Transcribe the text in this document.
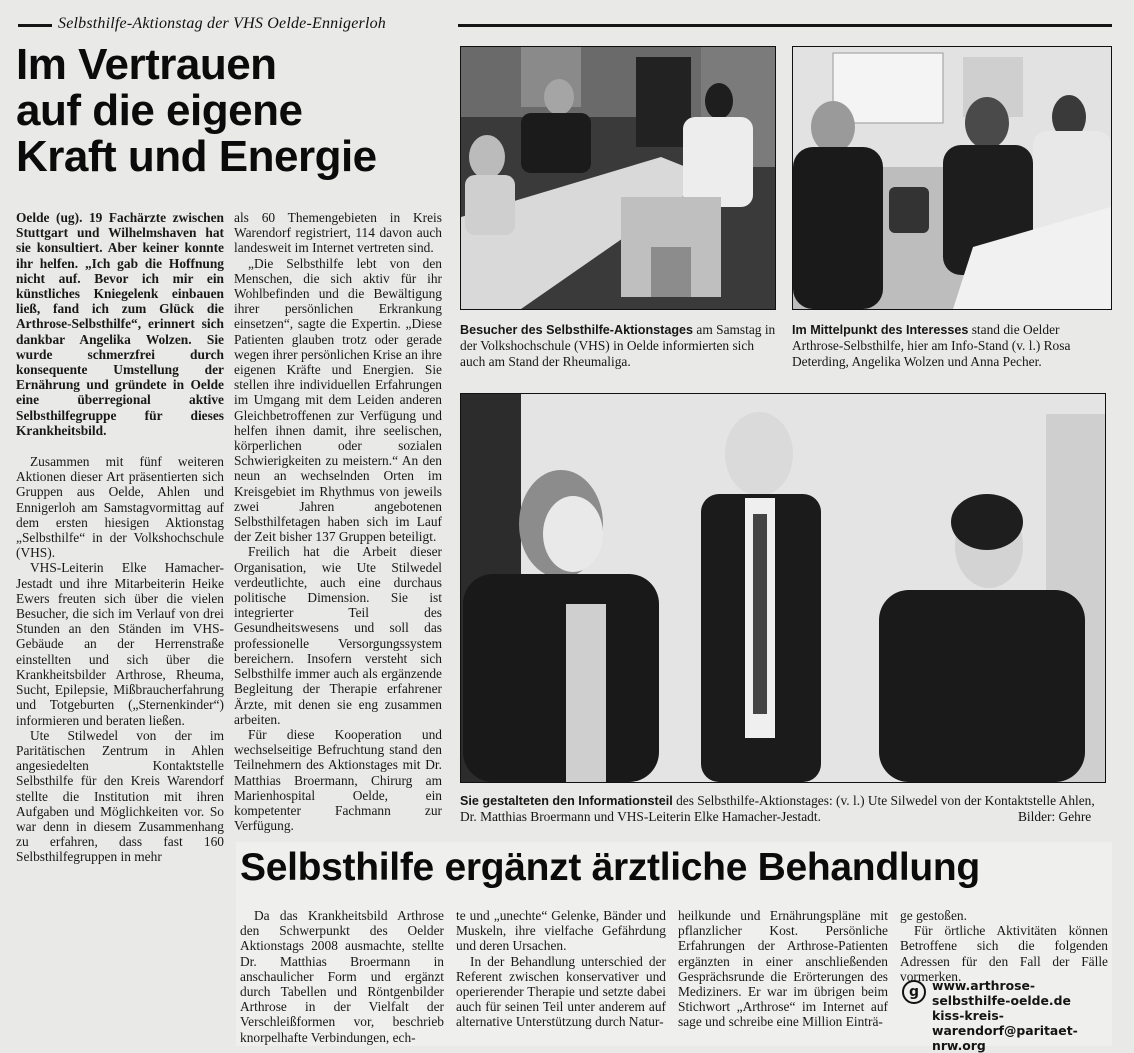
Selbsthilfe-Aktionstag der VHS Oelde-Ennigerloh
Im Vertrauen
auf die eigene
Kraft und Energie

Oelde (ug). 19 Fachärzte zwischen Stuttgart und Wilhelmshaven hat sie konsultiert. Aber keiner konnte ihr helfen. „Ich gab die Hoffnung nicht auf. Bevor ich mir ein künstliches Kniegelenk einbauen ließ, fand ich zum Glück die Arthrose-Selbsthilfe“, erinnert sich dankbar Angelika Wolzen. Sie wurde schmerzfrei durch konsequente Umstellung der Ernährung und gründete in Oelde eine überregional aktive Selbsthilfegruppe für dieses Krankheitsbild.

Zusammen mit fünf weiteren Aktionen dieser Art präsentierten sich Gruppen aus Oelde, Ahlen und Ennigerloh am Samstagvormittag auf dem ersten hiesigen Aktionstag „Selbsthilfe“ in der Volkshochschule (VHS).

VHS-Leiterin Elke Hamacher-Jestadt und ihre Mitarbeiterin Heike Ewers freuten sich über die vielen Besucher, die sich im Verlauf von drei Stunden an den Ständen im VHS-Gebäude an der Herrenstraße einstellten und sich über die Krankheitsbilder Arthrose, Rheuma, Sucht, Epilepsie, Mißbraucherfahrung und Totgeburten („Sternenkinder“) informieren und beraten ließen.

Ute Stilwedel von der im Paritätischen Zentrum in Ahlen angesiedelten Kontaktstelle Selbsthilfe für den Kreis Warendorf stellte die Institution mit ihren Aufgaben und Möglichkeiten vor. So war denn in diesem Zusammenhang zu erfahren, dass fast 160 Selbsthilfegruppen in mehr

als 60 Themengebieten in Kreis Warendorf registriert, 114 davon auch landesweit im Internet vertreten sind.

„Die Selbsthilfe lebt von den Menschen, die sich aktiv für ihr Wohlbefinden und die Bewältigung ihrer persönlichen Erkrankung einsetzen“, sagte die Expertin. „Diese Patienten glauben trotz oder gerade wegen ihrer persönlichen Krise an ihre eigenen Kräfte und Energien. Sie stellen ihre individuellen Erfahrungen im Umgang mit dem Leiden anderen Gleichbetroffenen zur Verfügung und helfen ihnen damit, ihre seelischen, körperlichen oder sozialen Schwierigkeiten zu meistern.“ An den neun an wechselnden Orten im Kreisgebiet im Rhythmus von jeweils zwei Jahren angebotenen Selbsthilfetagen haben sich im Lauf der Zeit bisher 137 Gruppen beteiligt.

Freilich hat die Arbeit dieser Organisation, wie Ute Stilwedel verdeutlichte, auch eine durchaus politische Dimension. Sie ist integrierter Teil des Gesundheitswesens und soll das professionelle Versorgungssystem bereichern. Insofern versteht sich Selbsthilfe immer auch als ergänzende Begleitung der Therapie erfahrener Ärzte, mit denen sie eng zusammen arbeiten.

Für diese Kooperation und wechselseitige Befruchtung stand den Teilnehmern des Aktionstages mit Dr. Matthias Broermann, Chirurg am Marienhospital Oelde, ein kompetenter Fachmann zur Verfügung.

Besucher des Selbsthilfe-Aktionstages am Samstag in der Volkshochschule (VHS) in Oelde informierten sich auch am Stand der Rheumaliga.
Im Mittelpunkt des Interesses stand die Oelder Arthrose-Selbsthilfe, hier am Info-Stand (v. l.) Rosa Deterding, Angelika Wolzen und Anna Pecher.
Sie gestalteten den Informationsteil des Selbsthilfe-Aktionstages: (v. l.) Ute Silwedel von der Kontaktstelle Ahlen, Dr. Matthias Broermann und VHS-Leiterin Elke Hamacher-Jestadt.	Bilder: Gehre
Selbsthilfe ergänzt ärztliche Behandlung

Da das Krankheitsbild Arthrose den Schwerpunkt des Oelder Aktionstags 2008 ausmachte, stellte Dr. Matthias Broermann in anschaulicher Form und ergänzt durch Tabellen und Röntgenbilder Arthrose in der Vielfalt der Verschleißformen vor, beschrieb knorpelhafte Verbindungen, ech-

te und „unechte“ Gelenke, Bänder und Muskeln, ihre vielfache Gefährdung und deren Ursachen.

In der Behandlung unterschied der Referent zwischen konservativer und operierender Therapie und setzte dabei auch für seinen Teil unter anderem auf alternative Unterstützung durch Natur-

heilkunde und Ernährungspläne mit pflanzlicher Kost. Persönliche Erfahrungen der Arthrose-Patienten ergänzten in einer anschließenden Gesprächsrunde die Erörterungen des Mediziners. Er war im übrigen beim Stichwort „Arthrose“ im Internet auf sage und schreibe eine Million Einträ-

ge gestoßen.

Für örtliche Aktivitäten können Betroffene sich die folgenden Adressen für den Fall der Fälle vormerken.

g	www.arthrose-selbsthilfe-oelde.de
kiss-kreis-warendorf@paritaet-nrw.org
